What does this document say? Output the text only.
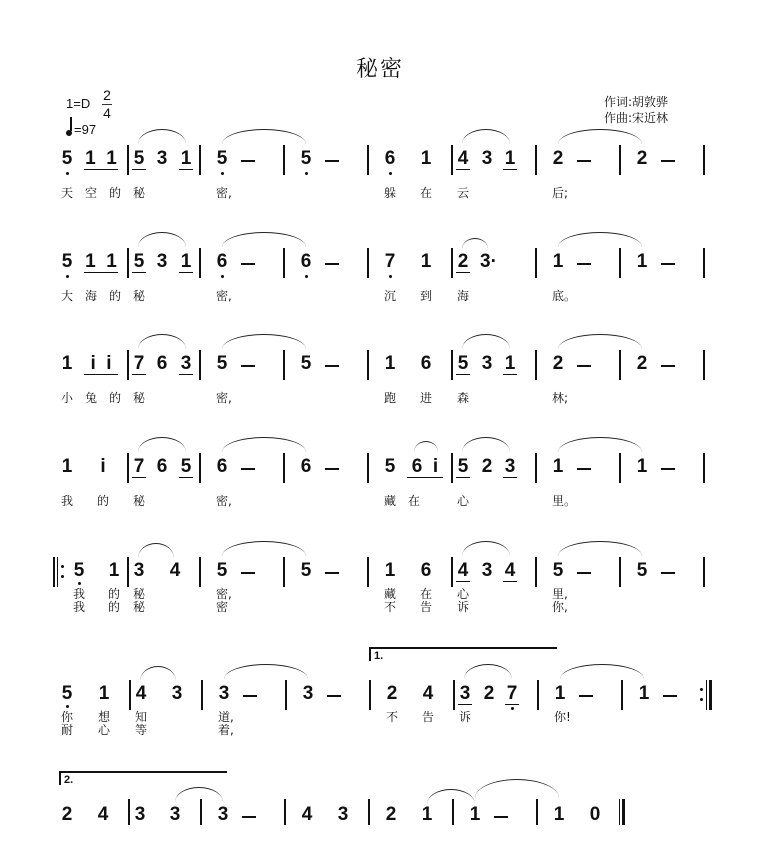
秘密
1=D
2
4
=97
作词:胡敦骅
作曲:宋近林
5 1 1 5 3 1 5	5	6 1 4 3 1 2	2
天 空 的 秘	密,	躲 在 云	后;
5 1 1 5 3 1 6	6	7 1 2 3·	1	1
大 海 的 秘	密,	沉 到 海	底。
1 i i	7 6 3 5	5	1 6 5 3 1 2	2
小 兔 的 秘	密,	跑 进 森	林;
1 i 7 6 5 6	6	5 6 i 5 2 3 1	1
我 的 秘	密,	藏 在	心	里。
5 1 3 4 5	5	1 6 4 3 4 5	5
我 的 秘	密,	藏 在 心	里,
我 的 秘	密	不 告 诉	你,
1.
5 1 4 3 3	3	2 4 3 2 7 1	1
你 想 知	道,	不 告 诉	你!
耐 心 等	着,
2.
2 4 3 3 3	4 3 2 1 1	1 0
